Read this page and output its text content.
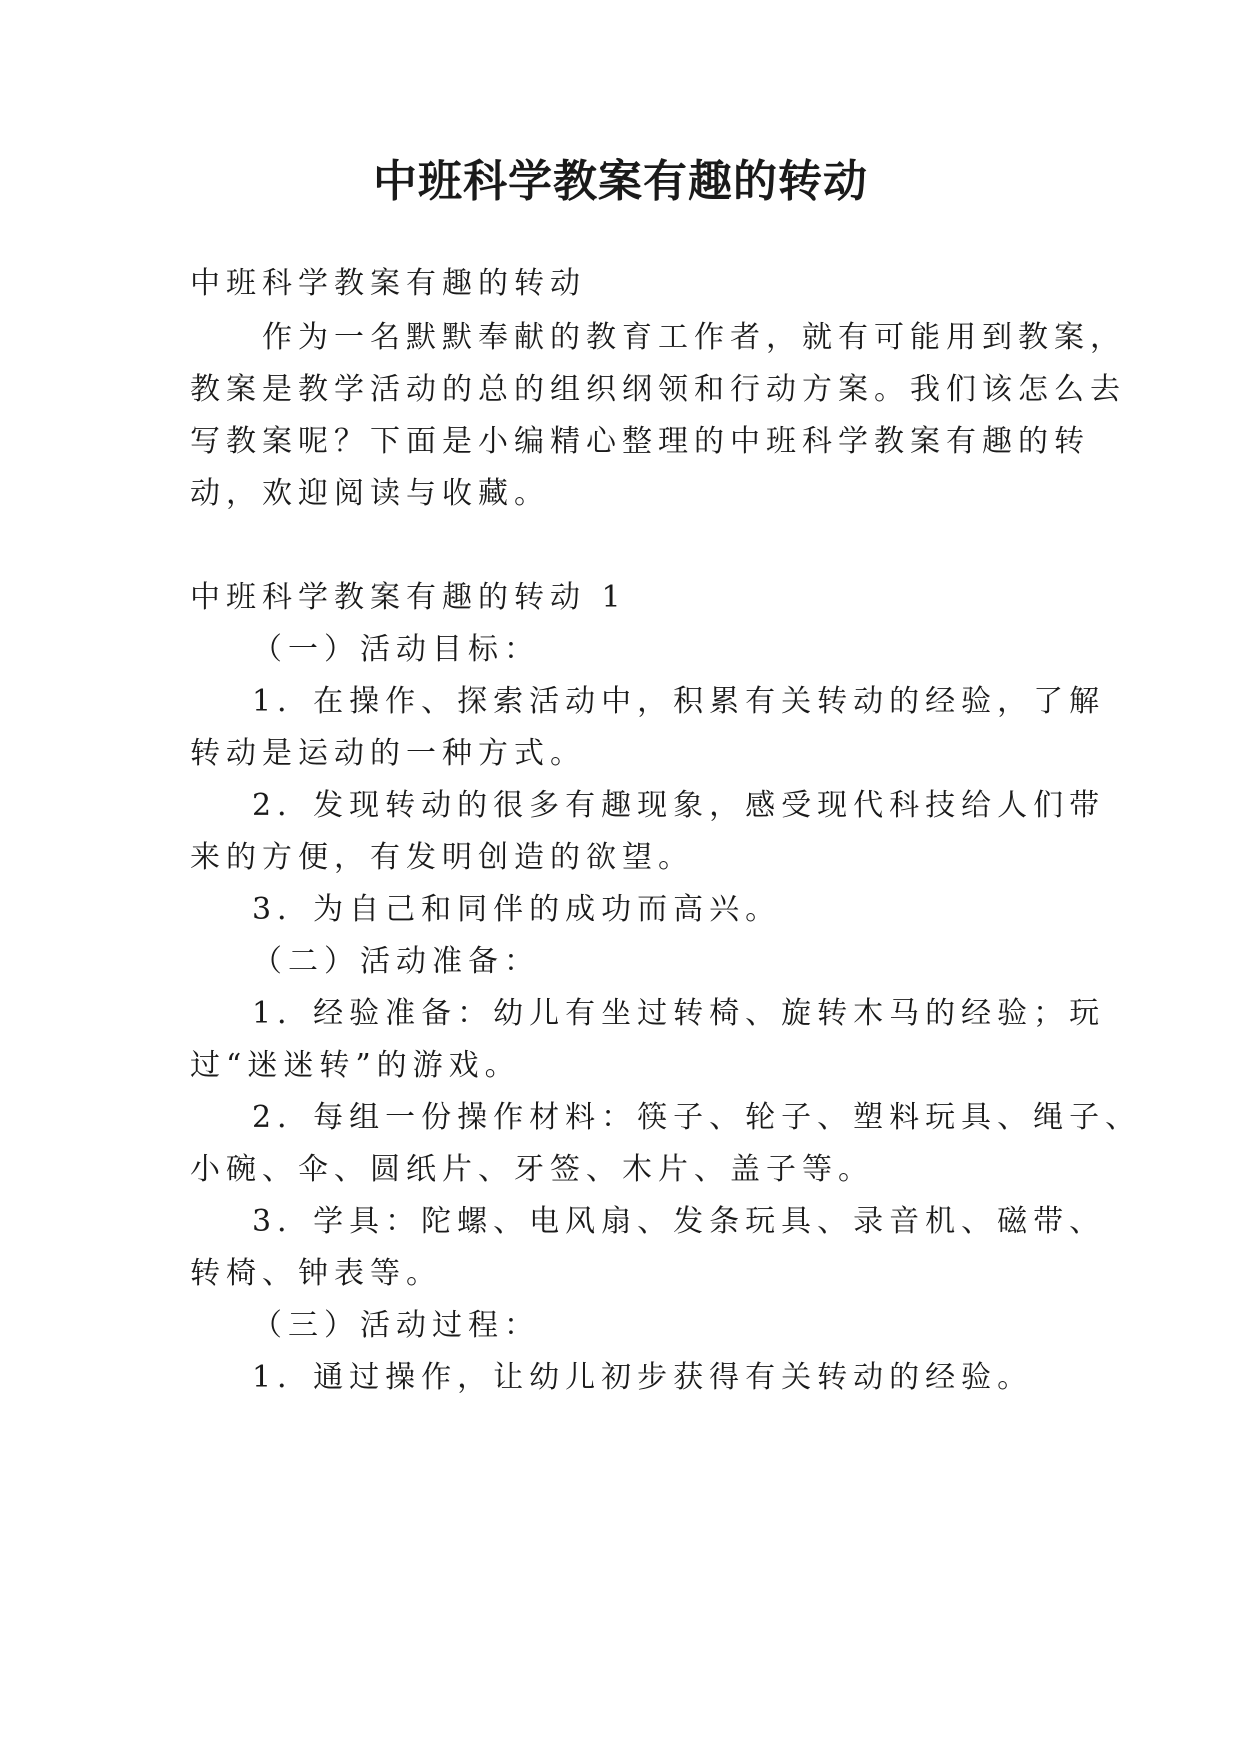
中班科学教案有趣的转动
中班科学教案有趣的转动
作为一名默默奉献的教育工作者，就有可能用到教案，
教案是教学活动的总的组织纲领和行动方案。我们该怎么去
写教案呢？下面是小编精心整理的中班科学教案有趣的转
动，欢迎阅读与收藏。
中班科学教案有趣的转动 1
（一）活动目标：
1．在操作、探索活动中，积累有关转动的经验，了解
转动是运动的一种方式。
2．发现转动的很多有趣现象，感受现代科技给人们带
来的方便，有发明创造的欲望。
3．为自己和同伴的成功而高兴。
（二）活动准备：
1．经验准备：幼儿有坐过转椅、旋转木马的经验；玩
过“迷迷转”的游戏。
2．每组一份操作材料：筷子、轮子、塑料玩具、绳子、
小碗、伞、圆纸片、牙签、木片、盖子等。
3．学具：陀螺、电风扇、发条玩具、录音机、磁带、
转椅、钟表等。
（三）活动过程：
1．通过操作，让幼儿初步获得有关转动的经验。
